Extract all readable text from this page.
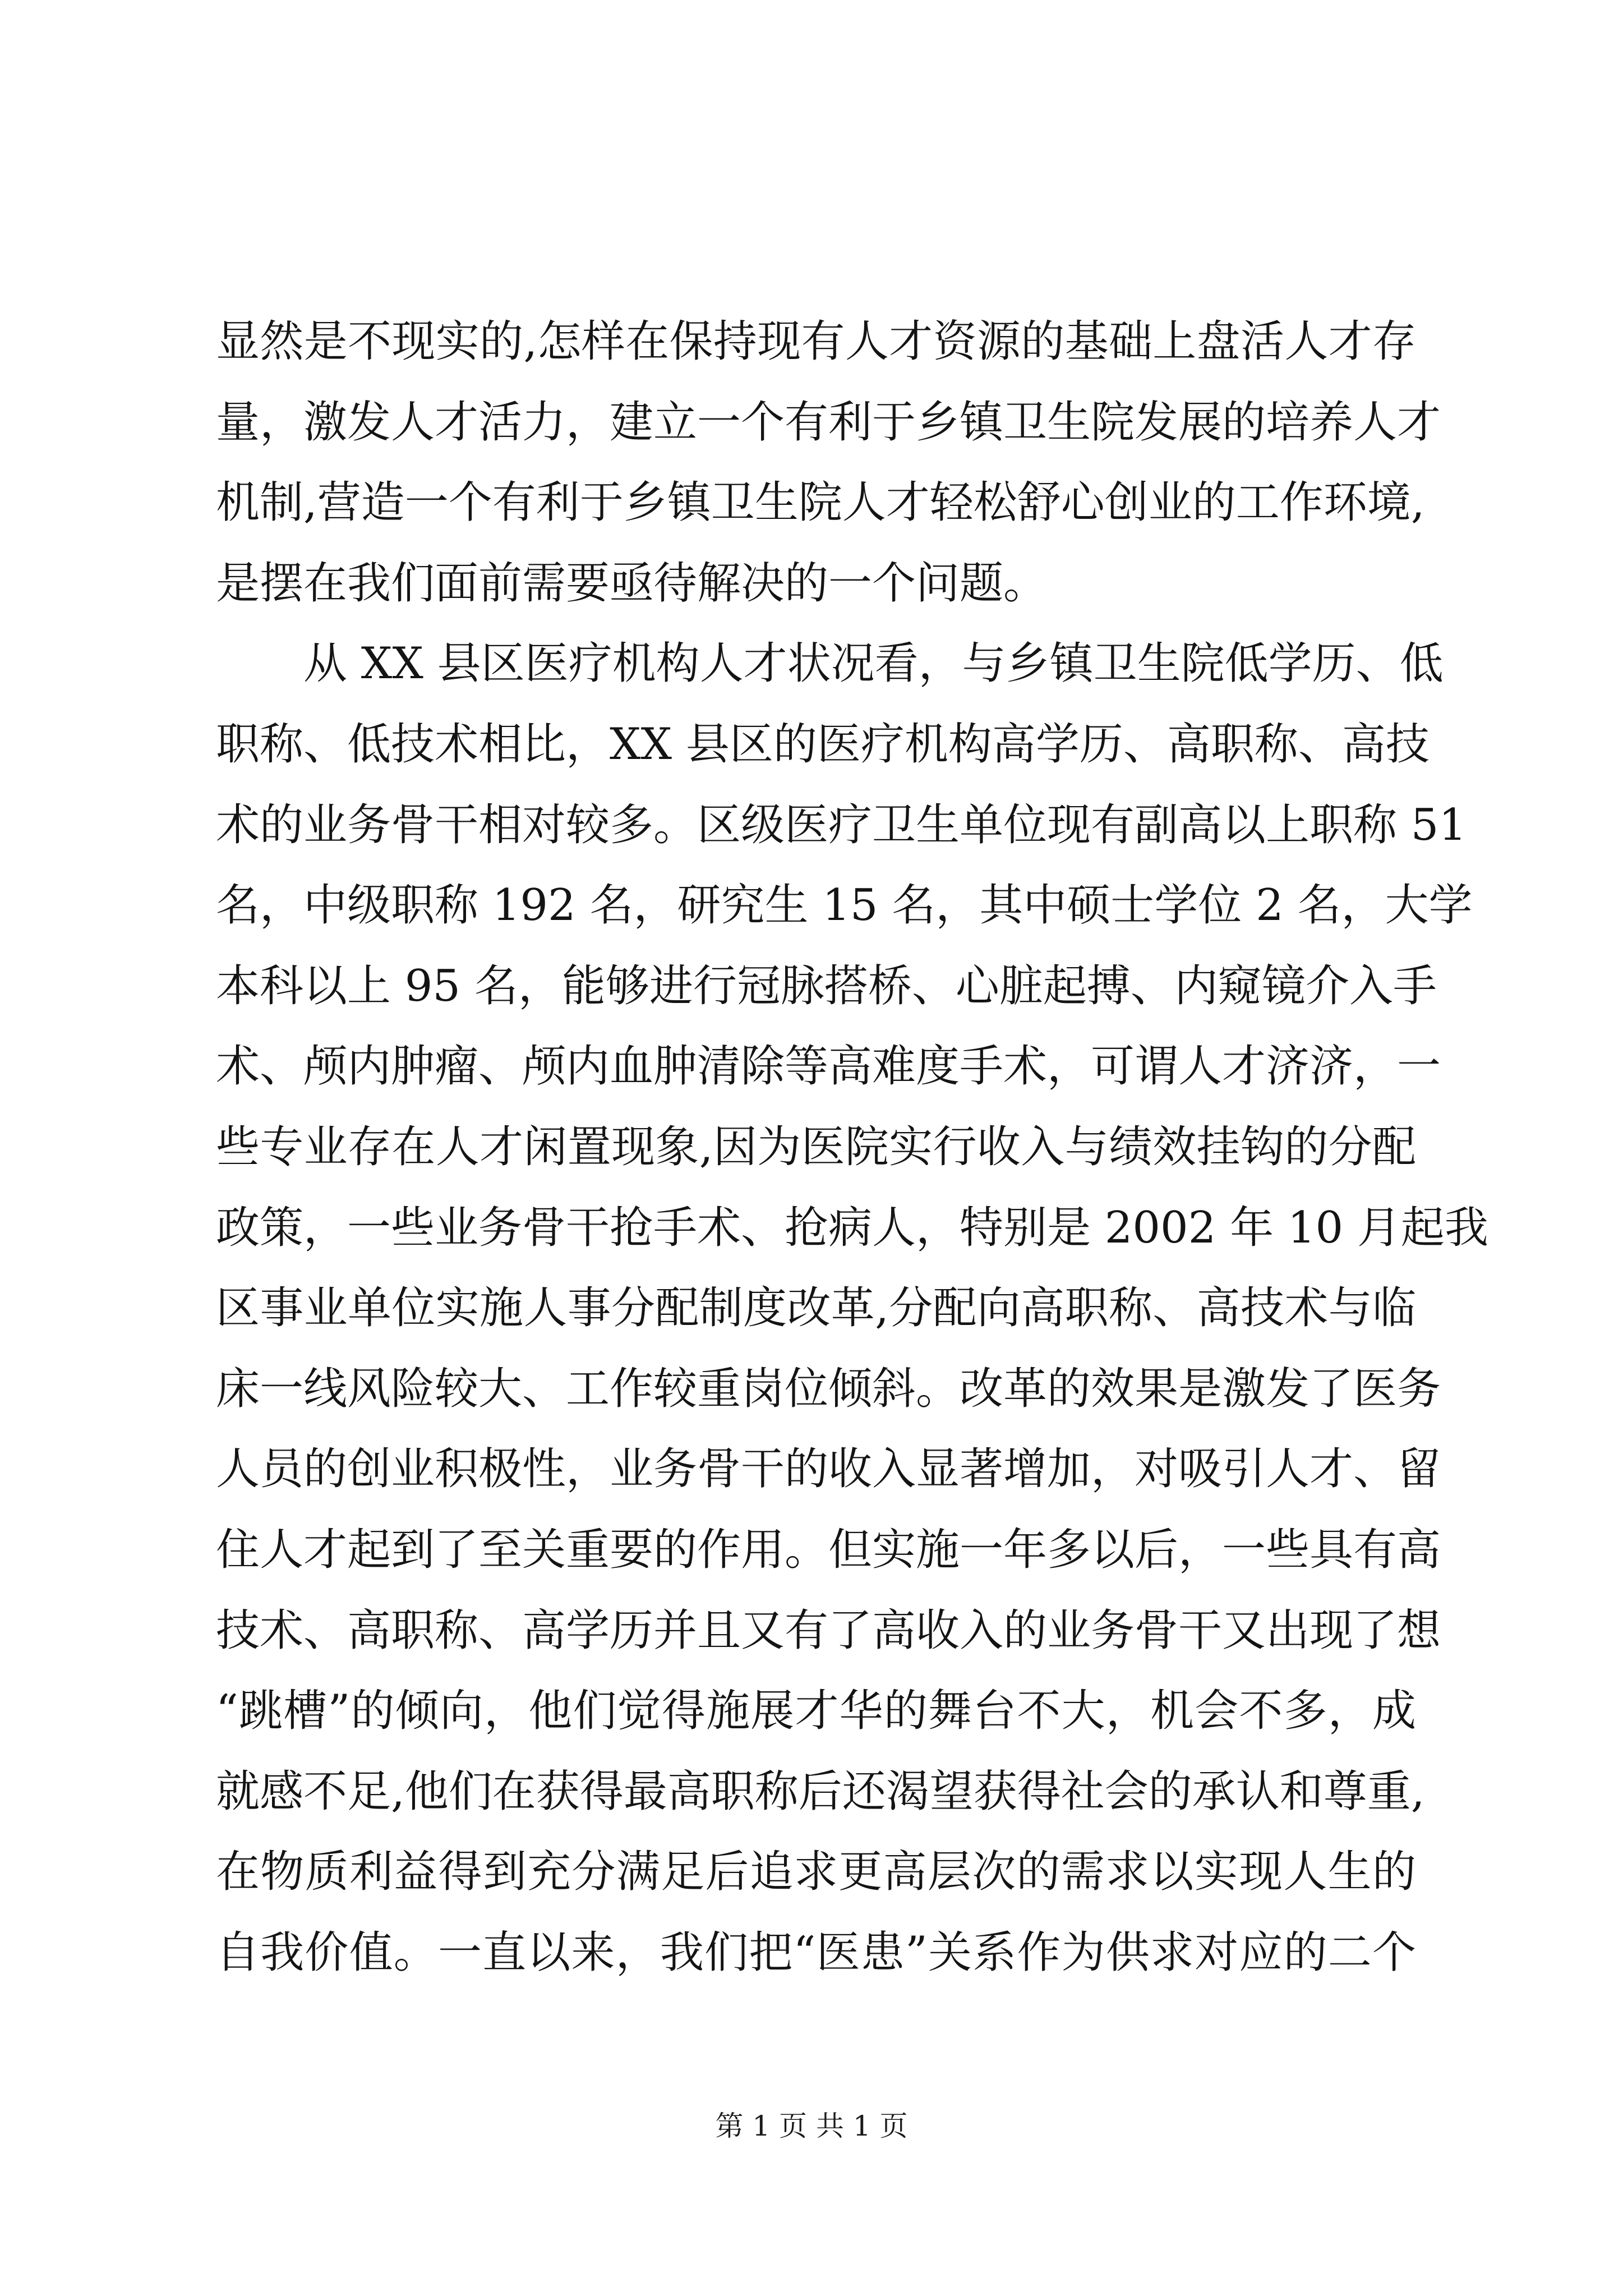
显然是不现实的,怎样在保持现有人才资源的基础上盘活人才存
量，激发人才活力，建立一个有利于乡镇卫生院发展的培养人才
机制,营造一个有利于乡镇卫生院人才轻松舒心创业的工作环境,
是摆在我们面前需要亟待解决的一个问题。
　　从 XX 县区医疗机构人才状况看，与乡镇卫生院低学历、低
职称、低技术相比，XX 县区的医疗机构高学历、高职称、高技
术的业务骨干相对较多。区级医疗卫生单位现有副高以上职称 51
名，中级职称 192 名，研究生 15 名，其中硕士学位 2 名，大学
本科以上 95 名，能够进行冠脉搭桥、心脏起搏、内窥镜介入手
术、颅内肿瘤、颅内血肿清除等高难度手术，可谓人才济济，一
些专业存在人才闲置现象,因为医院实行收入与绩效挂钩的分配
政策，一些业务骨干抢手术、抢病人，特别是 2002 年 10 月起我
区事业单位实施人事分配制度改革,分配向高职称、高技术与临
床一线风险较大、工作较重岗位倾斜。改革的效果是激发了医务
人员的创业积极性，业务骨干的收入显著增加，对吸引人才、留
住人才起到了至关重要的作用。但实施一年多以后，一些具有高
技术、高职称、高学历并且又有了高收入的业务骨干又出现了想
“跳槽”的倾向，他们觉得施展才华的舞台不大，机会不多，成
就感不足,他们在获得最高职称后还渴望获得社会的承认和尊重,
在物质利益得到充分满足后追求更高层次的需求以实现人生的
自我价值。一直以来，我们把“医患”关系作为供求对应的二个
第 1 页 共 1 页
